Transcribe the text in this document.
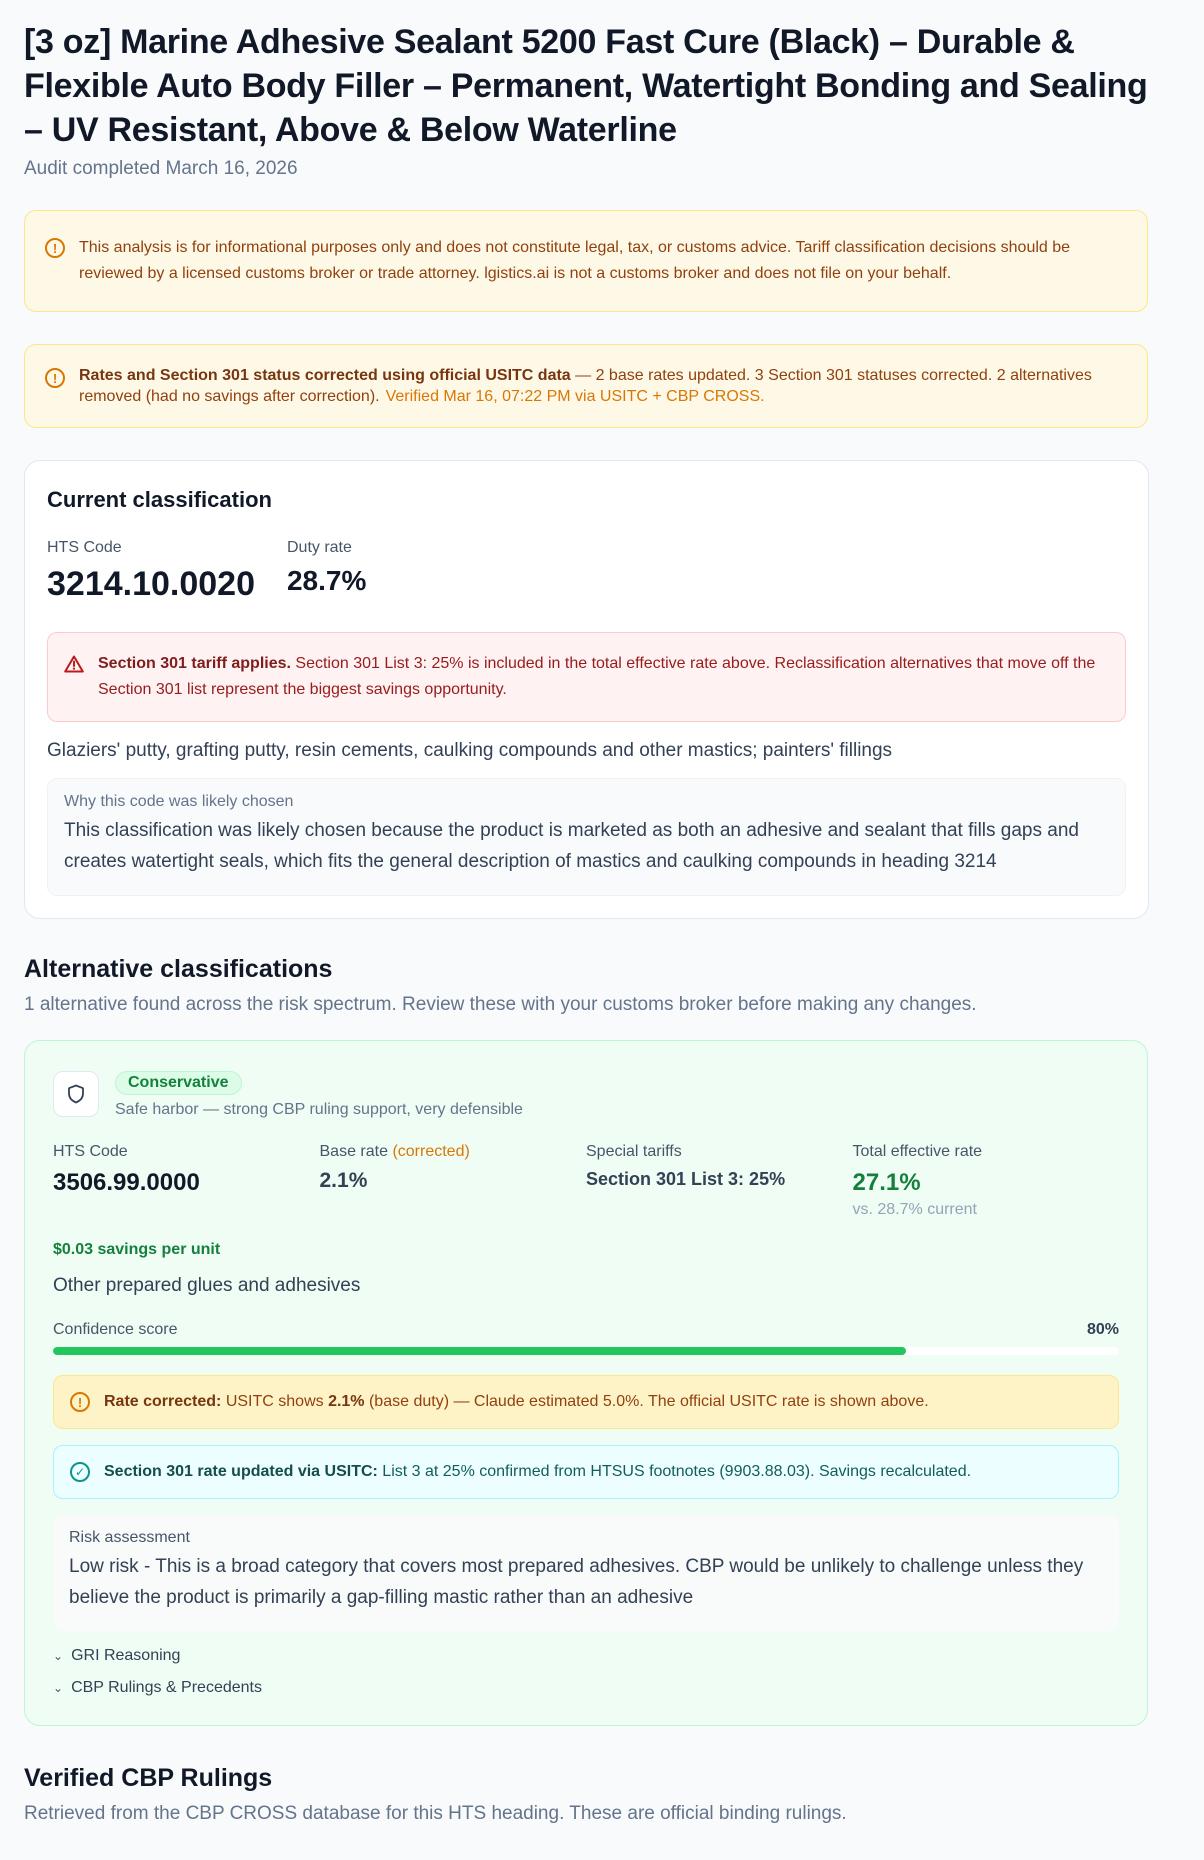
[3 oz] Marine Adhesive Sealant 5200 Fast Cure (Black) – Durable & Flexible Auto Body Filler – Permanent, Watertight Bonding and Sealing – UV Resistant, Above & Below Waterline
Audit completed March 16, 2026
!	This analysis is for informational purposes only and does not constitute legal, tax, or customs advice. Tariff classification decisions should be reviewed by a licensed customs broker or trade attorney. lgistics.ai is not a customs broker and does not file on your behalf.
!	Rates and Section 301 status corrected using official USITC data — 2 base rates updated. 3 Section 301 statuses corrected. 2 alternatives removed (had no savings after correction). Verified Mar 16, 07:22 PM via USITC + CBP CROSS.
Current classification
HTS Code
3214.10.0020
Duty rate
28.7%
Section 301 tariff applies. Section 301 List 3: 25% is included in the total effective rate above. Reclassification alternatives that move off the Section 301 list represent the biggest savings opportunity.
Glaziers' putty, grafting putty, resin cements, caulking compounds and other mastics; painters' fillings
Why this code was likely chosen
This classification was likely chosen because the product is marketed as both an adhesive and sealant that fills gaps and creates watertight seals, which fits the general description of mastics and caulking compounds in heading 3214
Alternative classifications
1 alternative found across the risk spectrum. Review these with your customs broker before making any changes.
Conservative
Safe harbor — strong CBP ruling support, very defensible
HTS Code
3506.99.0000
Base rate (corrected)
2.1%
Special tariffs
Section 301 List 3: 25%
Total effective rate
27.1%
vs. 28.7% current
$0.03 savings per unit
Other prepared glues and adhesives
Confidence score	80%
!	Rate corrected: USITC shows 2.1% (base duty) — Claude estimated 5.0%. The official USITC rate is shown above.
✓	Section 301 rate updated via USITC: List 3 at 25% confirmed from HTSUS footnotes (9903.88.03). Savings recalculated.
Risk assessment
Low risk - This is a broad category that covers most prepared adhesives. CBP would be unlikely to challenge unless they believe the product is primarily a gap-filling mastic rather than an adhesive
⌄ GRI Reasoning
⌄ CBP Rulings & Precedents
Verified CBP Rulings
Retrieved from the CBP CROSS database for this HTS heading. These are official binding rulings.
